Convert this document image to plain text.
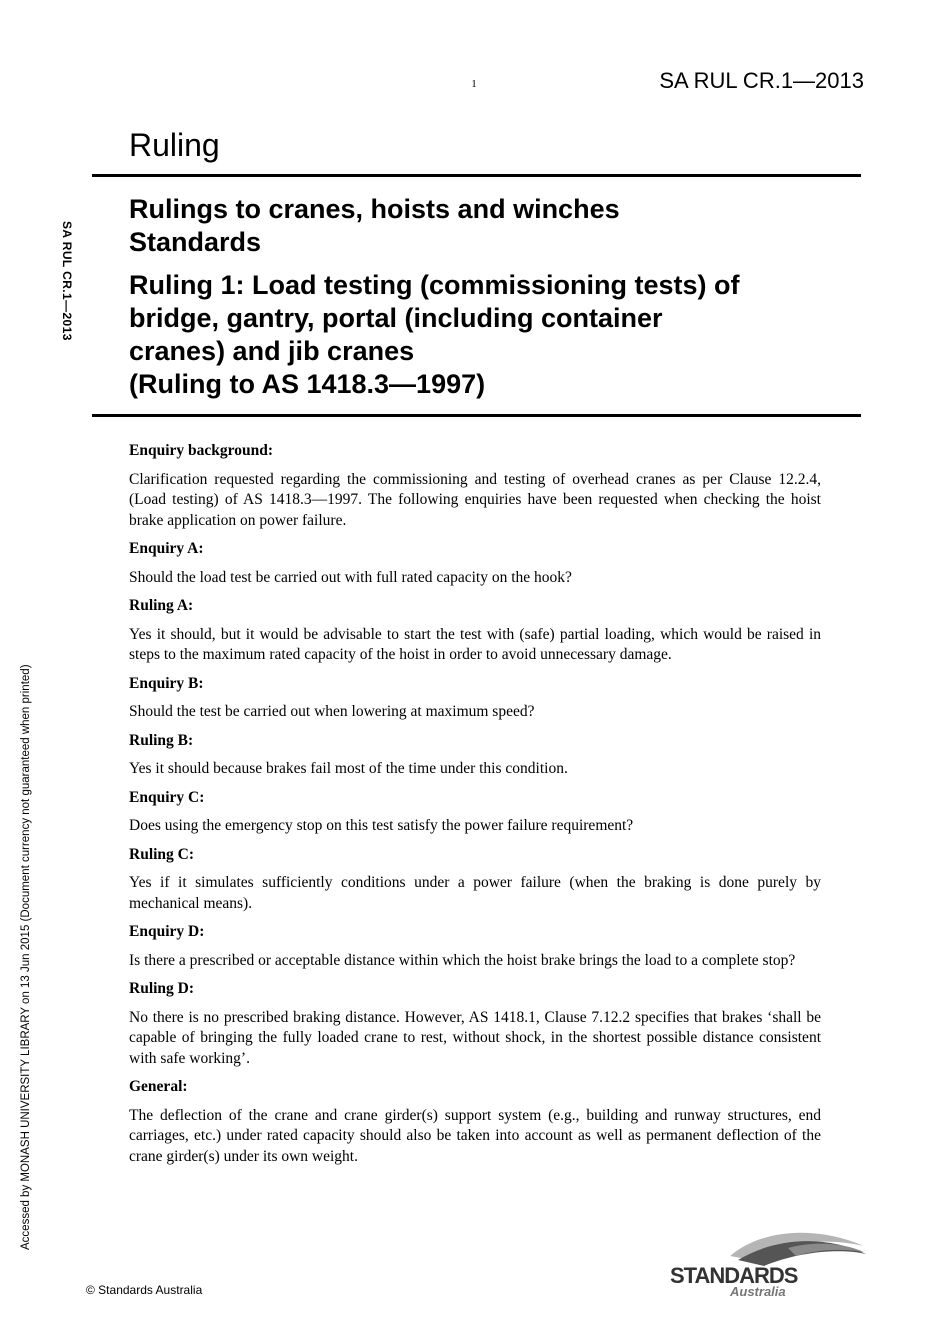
1	SA RUL CR.1—2013
Ruling
Rulings to cranes, hoists and winches
Standards
Ruling 1: Load testing (commissioning tests) of
bridge, gantry, portal (including container
cranes) and jib cranes
(Ruling to AS 1418.3—1997)
SA RUL CR.1—2013
Accessed by MONASH UNIVERSITY LIBRARY on 13 Jun 2015 (Document currency not guaranteed when printed)

Enquiry background:

Clarification requested regarding the commissioning and testing of overhead cranes as per Clause 12.2.4, (Load testing) of AS 1418.3—1997. The following enquiries have been requested when checking the hoist brake application on power failure.

Enquiry A:

Should the load test be carried out with full rated capacity on the hook?

Ruling A:

Yes it should, but it would be advisable to start the test with (safe) partial loading, which would be raised in steps to the maximum rated capacity of the hoist in order to avoid unnecessary damage.

Enquiry B:

Should the test be carried out when lowering at maximum speed?

Ruling B:

Yes it should because brakes fail most of the time under this condition.

Enquiry C:

Does using the emergency stop on this test satisfy the power failure requirement?

Ruling C:

Yes if it simulates sufficiently conditions under a power failure (when the braking is done purely by mechanical means).

Enquiry D:

Is there a prescribed or acceptable distance within which the hoist brake brings the load to a complete stop?

Ruling D:

No there is no prescribed braking distance. However, AS 1418.1, Clause 7.12.2 specifies that brakes ‘shall be capable of bringing the fully loaded crane to rest, without shock, in the shortest possible distance consistent with safe working’.

General:

The deflection of the crane and crane girder(s) support system (e.g., building and runway structures, end carriages, etc.) under rated capacity should also be taken into account as well as permanent deflection of the crane girder(s) under its own weight.

© Standards Australia
STANDARDS
Australia
